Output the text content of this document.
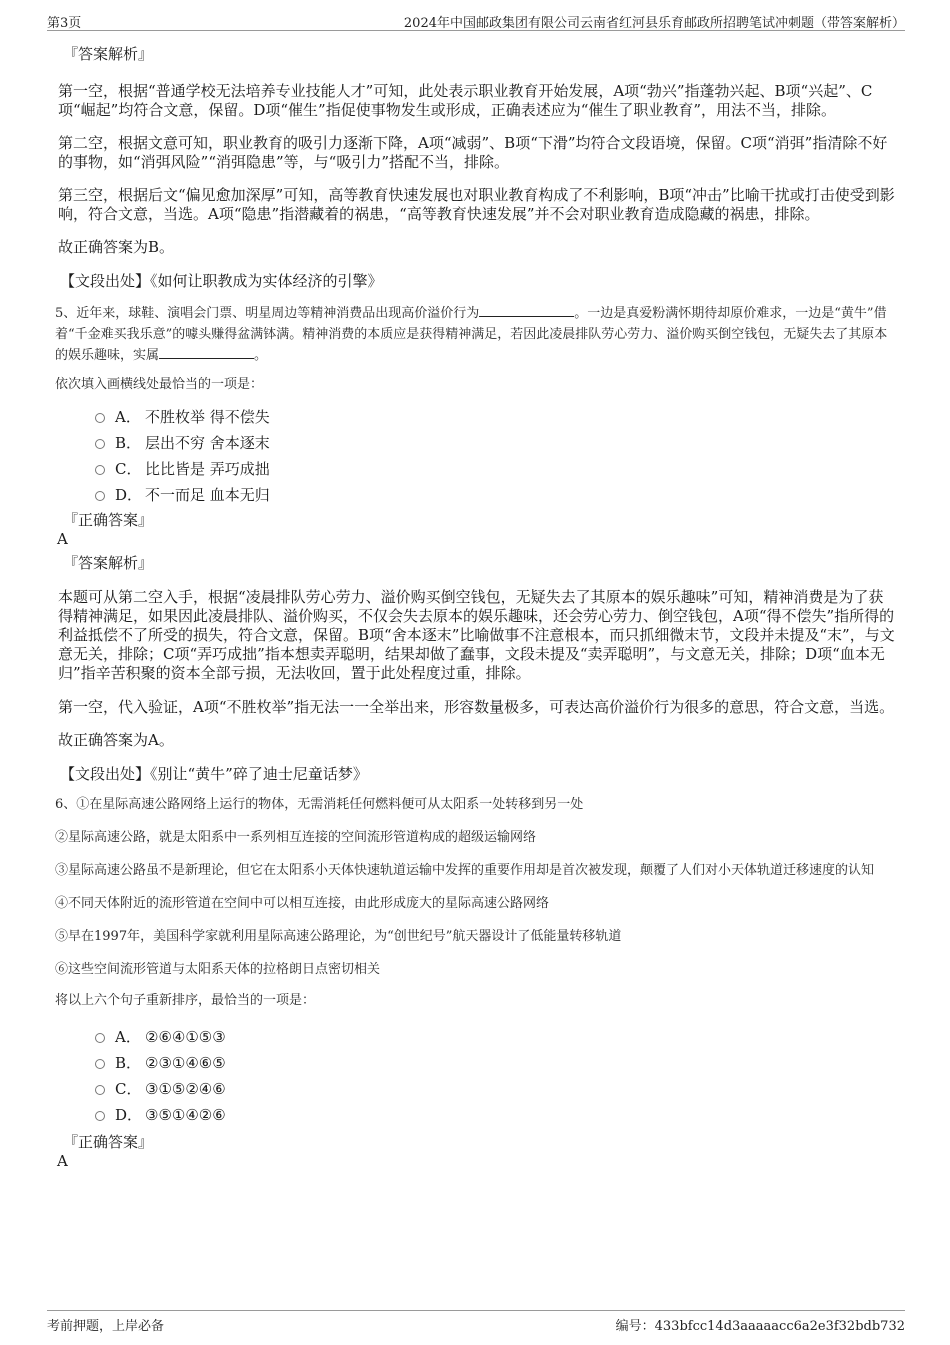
第3页	2024年中国邮政集团有限公司云南省红河县乐育邮政所招聘笔试冲刺题（带答案解析）

『答案解析』

第一空，根据“普通学校无法培养专业技能人才”可知，此处表示职业教育开始发展，A项“勃兴”指蓬勃兴起、B项“兴起”、C项“崛起”均符合文意，保留。D项“催生”指促使事物发生或形成，正确表述应为“催生了职业教育”，用法不当，排除。

第二空，根据文意可知，职业教育的吸引力逐渐下降，A项“减弱”、B项“下滑”均符合文段语境，保留。C项“消弭”指清除不好的事物，如“消弭风险”“消弭隐患”等，与“吸引力”搭配不当，排除。

第三空，根据后文“偏见愈加深厚”可知，高等教育快速发展也对职业教育构成了不利影响，B项“冲击”比喻干扰或打击使受到影响，符合文意，当选。A项“隐患”指潜藏着的祸患，“高等教育快速发展”并不会对职业教育造成隐藏的祸患，排除。

故正确答案为B。

【文段出处】《如何让职教成为实体经济的引擎》

5、近年来，球鞋、演唱会门票、明星周边等精神消费品出现高价溢价行为	。一边是真爱粉满怀期待却原价难求，一边是“黄牛”借着“千金难买我乐意”的噱头赚得盆满钵满。精神消费的本质应是获得精神满足，若因此凌晨排队劳心劳力、溢价购买倒空钱包，无疑失去了其原本的娱乐趣味，实属	。

依次填入画横线处最恰当的一项是：

A． 不胜枚举 得不偿失
B． 层出不穷 舍本逐末
C． 比比皆是 弄巧成拙
D． 不一而足 血本无归

『正确答案』

A

『答案解析』

本题可从第二空入手，根据“凌晨排队劳心劳力、溢价购买倒空钱包，无疑失去了其原本的娱乐趣味”可知，精神消费是为了获得精神满足，如果因此凌晨排队、溢价购买，不仅会失去原本的娱乐趣味，还会劳心劳力、倒空钱包，A项“得不偿失”指所得的利益抵偿不了所受的损失，符合文意，保留。B项“舍本逐末”比喻做事不注意根本，而只抓细微末节，文段并未提及“末”，与文意无关，排除；C项“弄巧成拙”指本想卖弄聪明，结果却做了蠢事，文段未提及“卖弄聪明”，与文意无关，排除；D项“血本无归”指辛苦积聚的资本全部亏损，无法收回，置于此处程度过重，排除。

第一空，代入验证，A项“不胜枚举”指无法一一全举出来，形容数量极多，可表达高价溢价行为很多的意思，符合文意，当选。

故正确答案为A。

【文段出处】《别让“黄牛”碎了迪士尼童话梦》

6、①在星际高速公路网络上运行的物体，无需消耗任何燃料便可从太阳系一处转移到另一处

②星际高速公路，就是太阳系中一系列相互连接的空间流形管道构成的超级运输网络

③星际高速公路虽不是新理论，但它在太阳系小天体快速轨道运输中发挥的重要作用却是首次被发现，颠覆了人们对小天体轨道迁移速度的认知

④不同天体附近的流形管道在空间中可以相互连接，由此形成庞大的星际高速公路网络

⑤早在1997年，美国科学家就利用星际高速公路理论，为“创世纪号”航天器设计了低能量转移轨道

⑥这些空间流形管道与太阳系天体的拉格朗日点密切相关

将以上六个句子重新排序，最恰当的一项是：

A． ②⑥④①⑤③
B． ②③①④⑥⑤
C． ③①⑤②④⑥
D． ③⑤①④②⑥

『正确答案』

A

考前押题，上岸必备	编号：433bfcc14d3aaaaacc6a2e3f32bdb732
